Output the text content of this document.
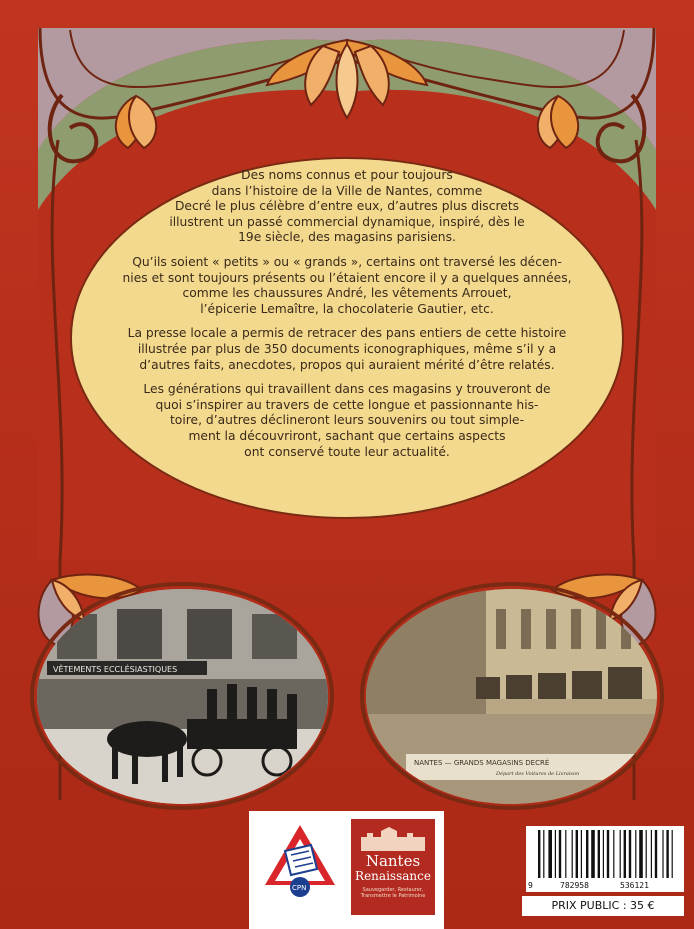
Des noms connus et pour toujours
dans l’histoire de la Ville de Nantes, comme
Decré le plus célèbre d’entre eux, d’autres plus discrets
illustrent un passé commercial dynamique, inspiré, dès le
19e siècle, des magasins parisiens.

Qu’ils soient « petits » ou « grands », certains ont traversé les décen-
nies et sont toujours présents ou l’étaient encore il y a quelques années,
comme les chaussures André, les vêtements Arrouet,
l’épicerie Lemaître, la chocolaterie Gautier, etc.

La presse locale a permis de retracer des pans entiers de cette histoire
illustrée par plus de 350 documents iconographiques, même s’il y a
d’autres faits, anecdotes, propos qui auraient mérité d’être relatés.

Les générations qui travaillent dans ces magasins y trouveront de
quoi s’inspirer au travers de cette longue et passionnante his-
toire, d’autres déclineront leurs souvenirs ou tout simple-
ment la découvriront, sachant que certains aspects
ont conservé toute leur actualité.

VÊTEMENTS ECCLÉSIASTIQUES
NANTES — GRANDS MAGASINS DECRÉ
Départ des Voitures de Livraison
CPN
Nantes
Renaissance
Sauvegarder, Restaurer, Transmettre le Patrimoine
9	782958	536121
PRIX PUBLIC : 35 €
